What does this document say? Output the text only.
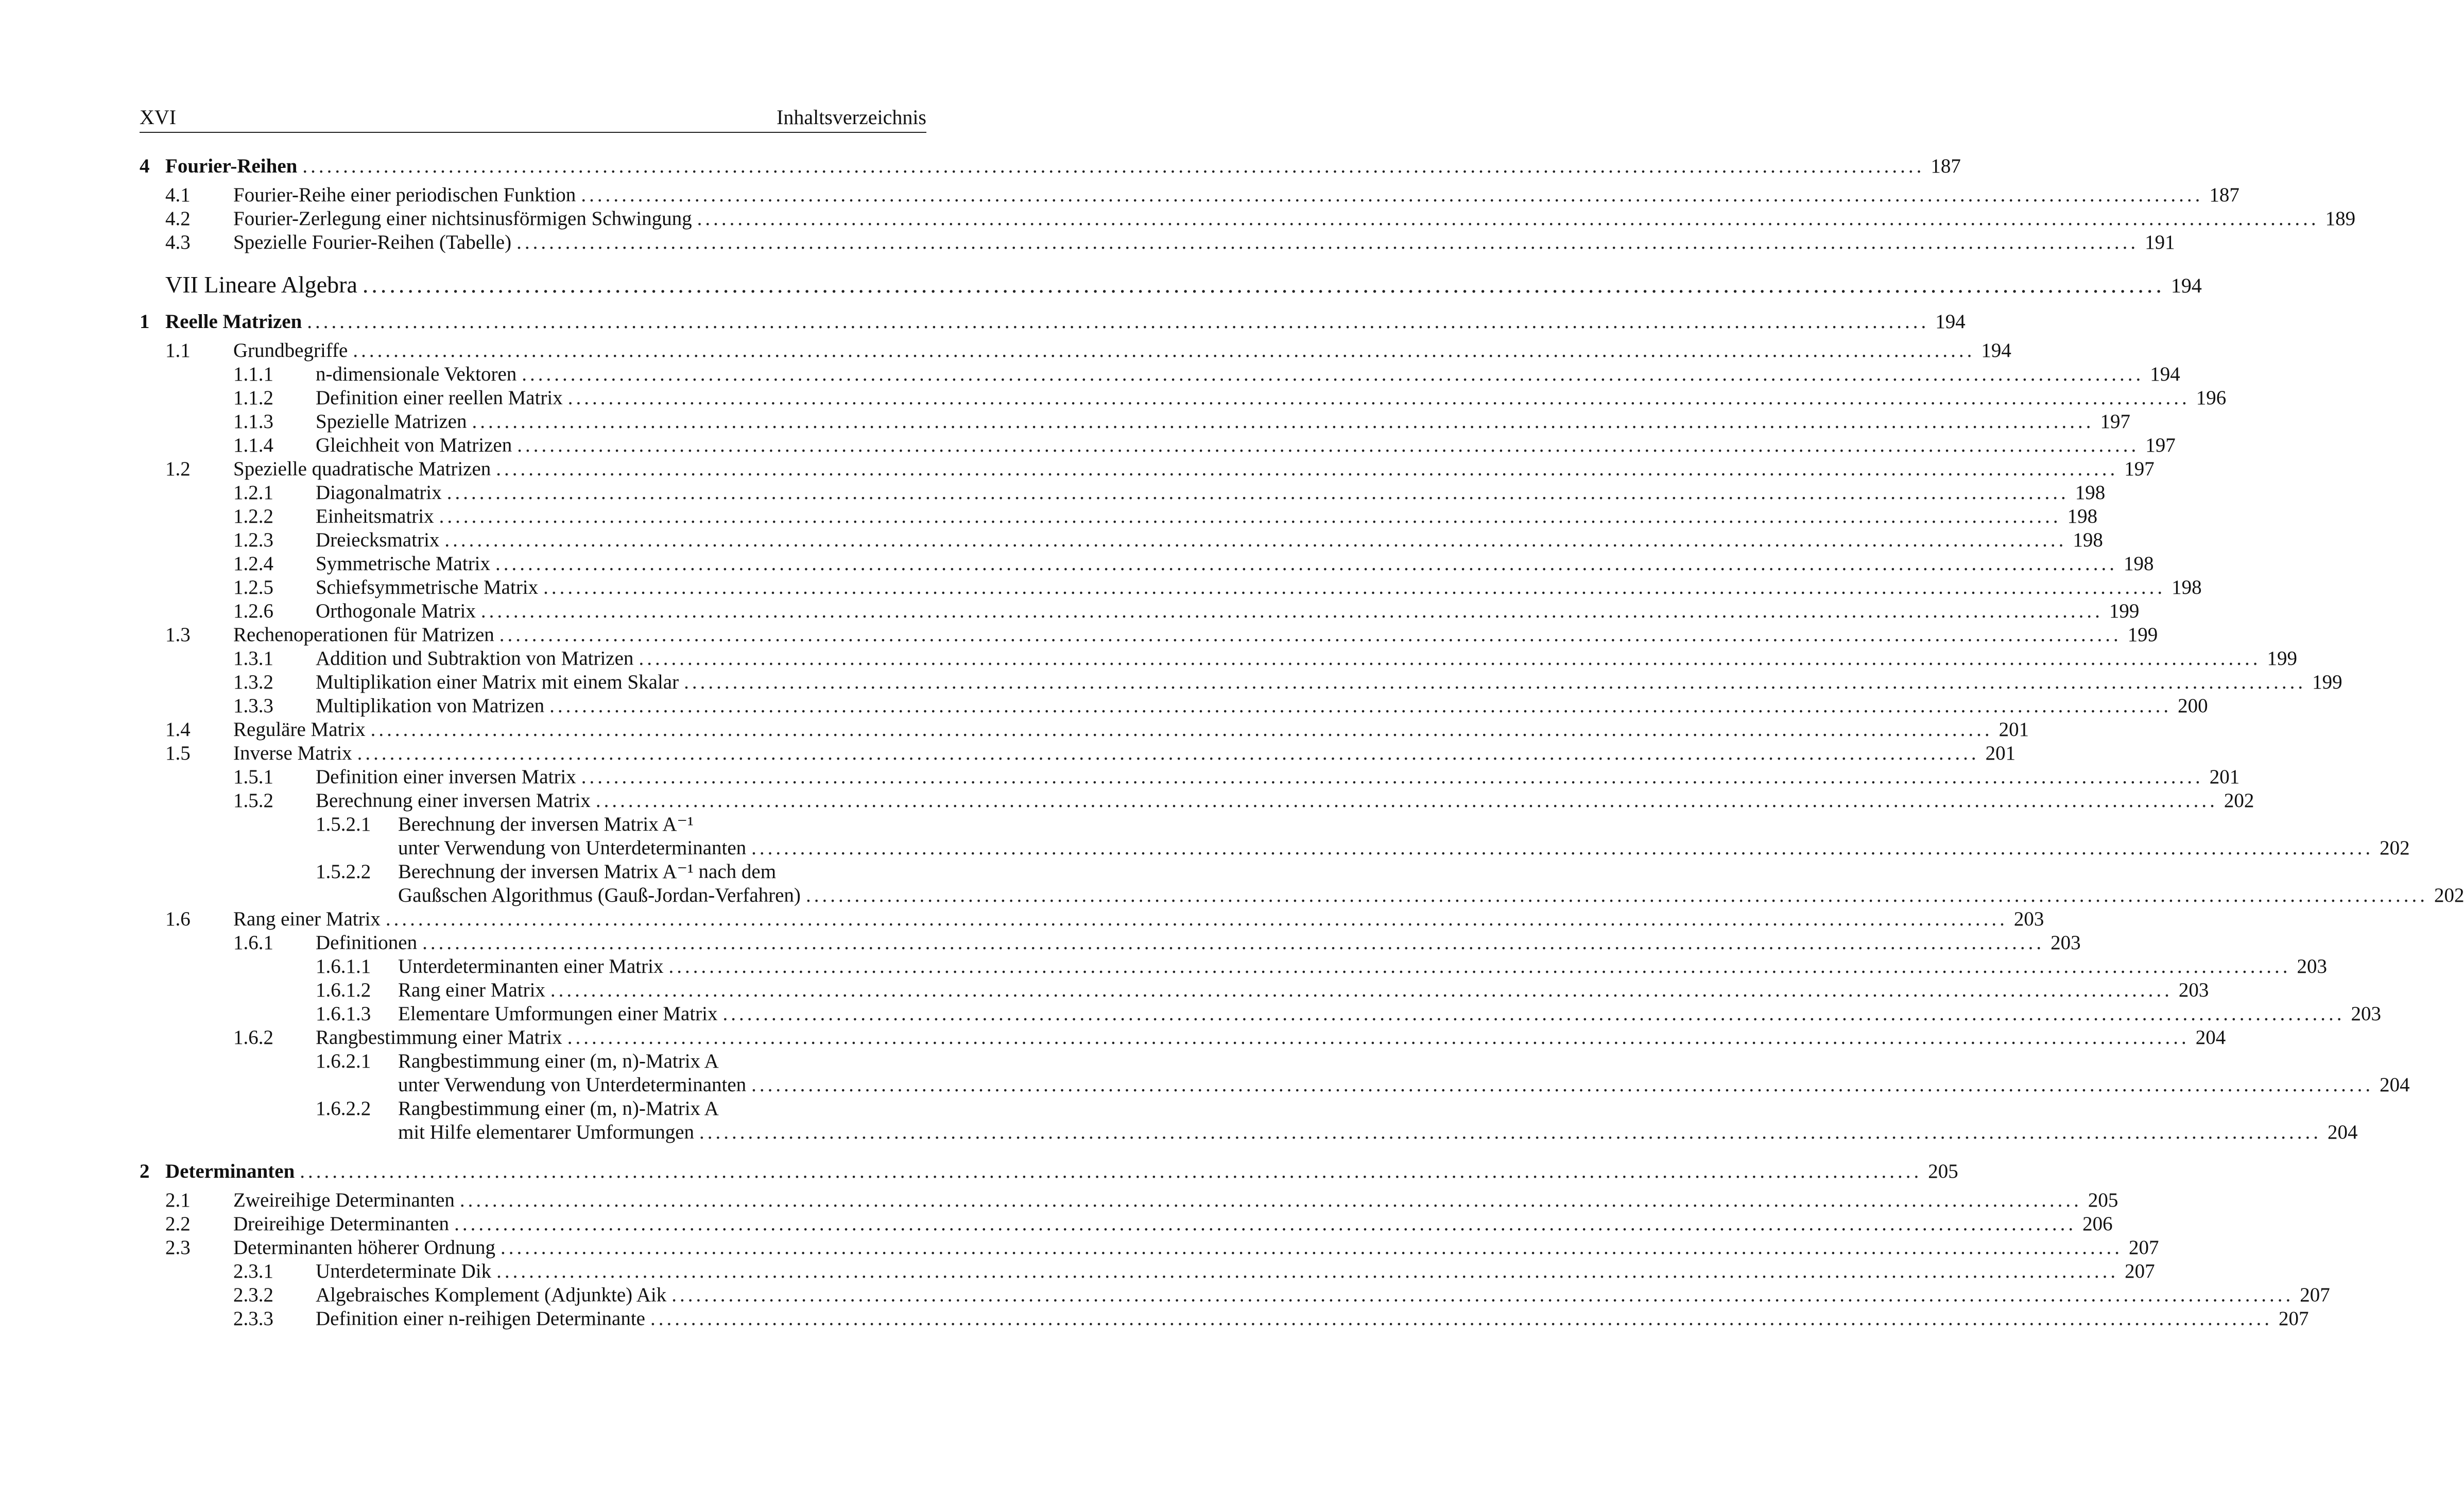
XVI	Inhaltsverzeichnis
4 Fourier-Reihen ........................................................................................................................................................................................................ 187
4.1 Fourier-Reihe einer periodischen Funktion ........................................................................................................................................................................................................ 187
4.2 Fourier-Zerlegung einer nichtsinusförmigen Schwingung ........................................................................................................................................................................................................ 189
4.3 Spezielle Fourier-Reihen (Tabelle) ........................................................................................................................................................................................................ 191
VII Lineare Algebra ........................................................................................................................................................................................................ 194
1 Reelle Matrizen ........................................................................................................................................................................................................ 194
1.1 Grundbegriffe ........................................................................................................................................................................................................ 194
1.1.1 n-dimensionale Vektoren ........................................................................................................................................................................................................ 194
1.1.2 Definition einer reellen Matrix ........................................................................................................................................................................................................ 196
1.1.3 Spezielle Matrizen ........................................................................................................................................................................................................ 197
1.1.4 Gleichheit von Matrizen ........................................................................................................................................................................................................ 197
1.2 Spezielle quadratische Matrizen ........................................................................................................................................................................................................ 197
1.2.1 Diagonalmatrix ........................................................................................................................................................................................................ 198
1.2.2 Einheitsmatrix ........................................................................................................................................................................................................ 198
1.2.3 Dreiecksmatrix ........................................................................................................................................................................................................ 198
1.2.4 Symmetrische Matrix ........................................................................................................................................................................................................ 198
1.2.5 Schiefsymmetrische Matrix ........................................................................................................................................................................................................ 198
1.2.6 Orthogonale Matrix ........................................................................................................................................................................................................ 199
1.3 Rechenoperationen für Matrizen ........................................................................................................................................................................................................ 199
1.3.1 Addition und Subtraktion von Matrizen ........................................................................................................................................................................................................ 199
1.3.2 Multiplikation einer Matrix mit einem Skalar ........................................................................................................................................................................................................ 199
1.3.3 Multiplikation von Matrizen ........................................................................................................................................................................................................ 200
1.4 Reguläre Matrix ........................................................................................................................................................................................................ 201
1.5 Inverse Matrix ........................................................................................................................................................................................................ 201
1.5.1 Definition einer inversen Matrix ........................................................................................................................................................................................................ 201
1.5.2 Berechnung einer inversen Matrix ........................................................................................................................................................................................................ 202
1.5.2.1 Berechnung der inversen Matrix A⁻¹
unter Verwendung von Unterdeterminanten ........................................................................................................................................................................................................ 202
1.5.2.2 Berechnung der inversen Matrix A⁻¹ nach dem
Gaußschen Algorithmus (Gauß-Jordan-Verfahren) ........................................................................................................................................................................................................ 202
1.6 Rang einer Matrix ........................................................................................................................................................................................................ 203
1.6.1 Definitionen ........................................................................................................................................................................................................ 203
1.6.1.1 Unterdeterminanten einer Matrix ........................................................................................................................................................................................................ 203
1.6.1.2 Rang einer Matrix ........................................................................................................................................................................................................ 203
1.6.1.3 Elementare Umformungen einer Matrix ........................................................................................................................................................................................................ 203
1.6.2 Rangbestimmung einer Matrix ........................................................................................................................................................................................................ 204
1.6.2.1 Rangbestimmung einer (m, n)-Matrix A
unter Verwendung von Unterdeterminanten ........................................................................................................................................................................................................ 204
1.6.2.2 Rangbestimmung einer (m, n)-Matrix A
mit Hilfe elementarer Umformungen ........................................................................................................................................................................................................ 204
2 Determinanten ........................................................................................................................................................................................................ 205
2.1 Zweireihige Determinanten ........................................................................................................................................................................................................ 205
2.2 Dreireihige Determinanten ........................................................................................................................................................................................................ 206
2.3 Determinanten höherer Ordnung ........................................................................................................................................................................................................ 207
2.3.1 Unterdeterminate Dik ........................................................................................................................................................................................................ 207
2.3.2 Algebraisches Komplement (Adjunkte) Aik ........................................................................................................................................................................................................ 207
2.3.3 Definition einer n-reihigen Determinante ........................................................................................................................................................................................................ 207
